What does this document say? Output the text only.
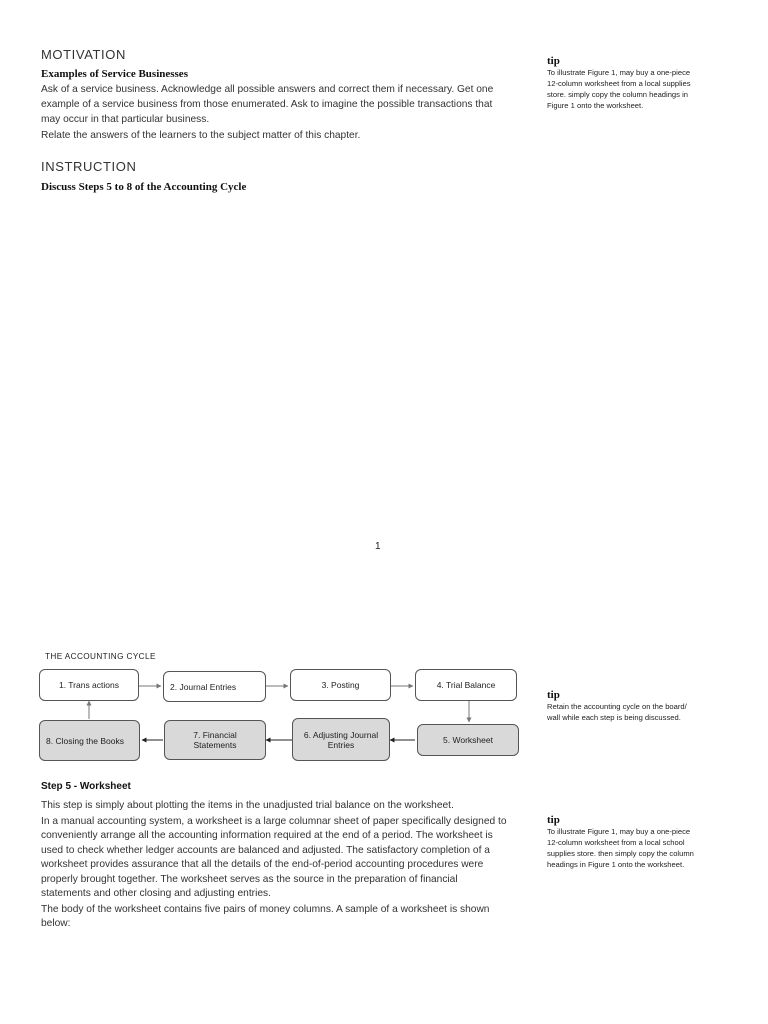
MOTIVATION
Examples of Service Businesses

Ask of a service business. Acknowledge all possible answers and correct them if necessary. Get one

example of a service business from those enumerated. Ask to imagine the possible transactions that

may occur in that particular business.

Relate the answers of the learners to the subject matter of this chapter.
INSTRUCTION
Discuss Steps 5 to 8 of the Accounting Cycle
tip
To illustrate Figure 1, may buy a one-piece
12-column worksheet from a local supplies
store. simply copy the column headings in
Figure 1 onto the worksheet.
1
THE ACCOUNTING CYCLE
1. Trans actions	2. Journal Entries	3. Posting	4. Trial Balance
5. Worksheet
6. Adjusting Journal Entries
7. Financial Statements
8. Closing the Books
tip
Retain the accounting cycle on the board/
wall while each step is being discussed.
Step 5 - Worksheet
This step is simply about plotting the items in the unadjusted trial balance on the worksheet.

In a manual accounting system, a worksheet is a large columnar sheet of paper specifically designed to

conveniently arrange all the accounting information required at the end of a period. The worksheet is

used to check whether ledger accounts are balanced and adjusted. The satisfactory completion of a

worksheet provides assurance that all the details of the end-of-period accounting procedures were

properly brought together. The worksheet serves as the source in the preparation of financial

statements and other closing and adjusting entries.

The body of the worksheet contains five pairs of money columns. A sample of a worksheet is shown

below:

tip
To illustrate Figure 1, may buy a one-piece
12-column worksheet from a local school
supplies store. then simply copy the column
headings in Figure 1 onto the worksheet.
